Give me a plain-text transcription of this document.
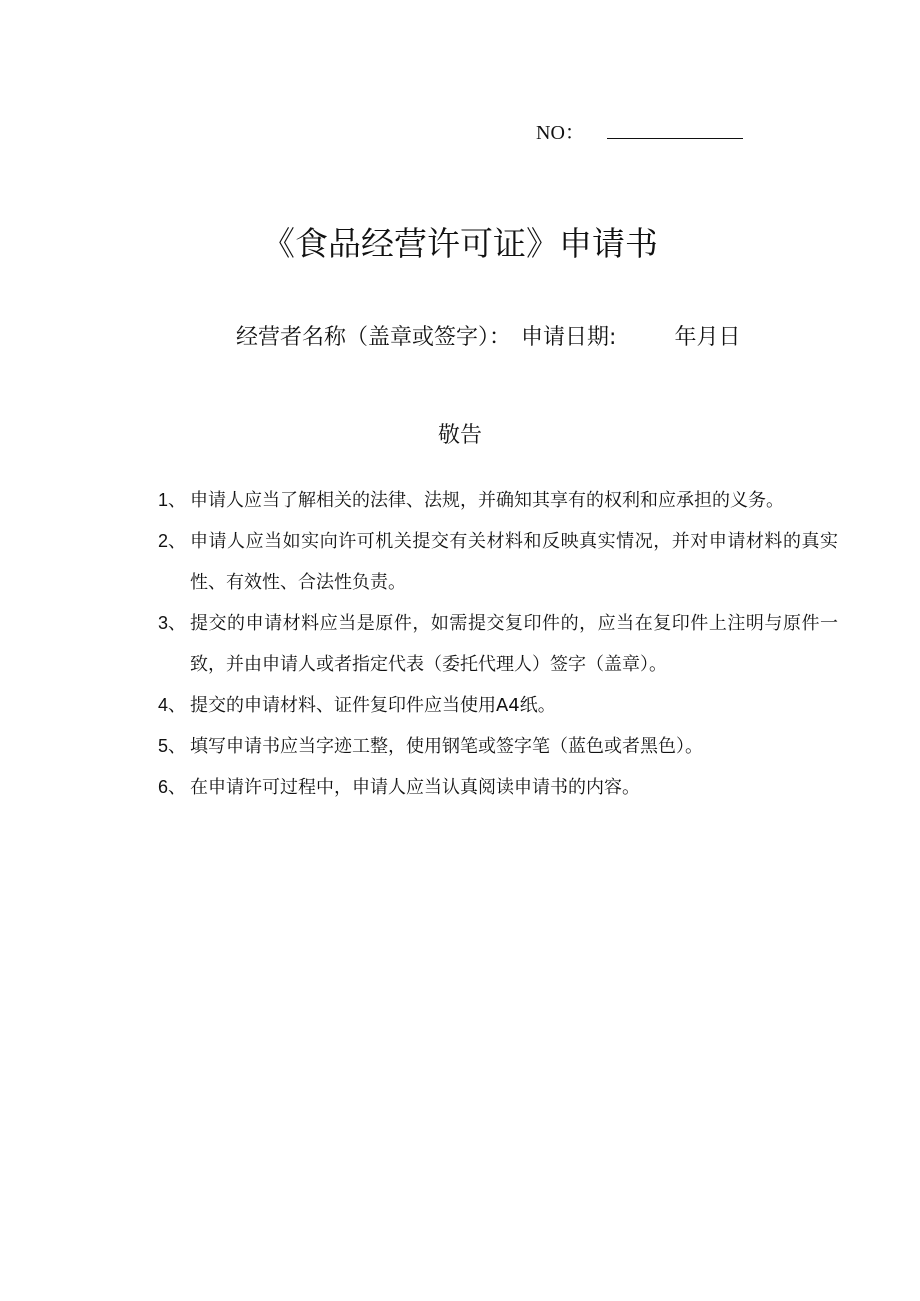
NO：
《食品经营许可证》申请书
经营者名称（盖章或签字）： 申请日期:	年月日
敬告
1、 申请人应当了解相关的法律、法规，并确知其享有的权利和应承担的义务。
2、 申请人应当如实向许可机关提交有关材料和反映真实情况，并对申请材料的真实性、有效性、合法性负责。
3、 提交的申请材料应当是原件，如需提交复印件的，应当在复印件上注明与原件一致，并由申请人或者指定代表（委托代理人）签字（盖章）。
4、 提交的申请材料、证件复印件应当使用A4纸。
5、 填写申请书应当字迹工整，使用钢笔或签字笔（蓝色或者黑色）。
6、 在申请许可过程中，申请人应当认真阅读申请书的内容。
